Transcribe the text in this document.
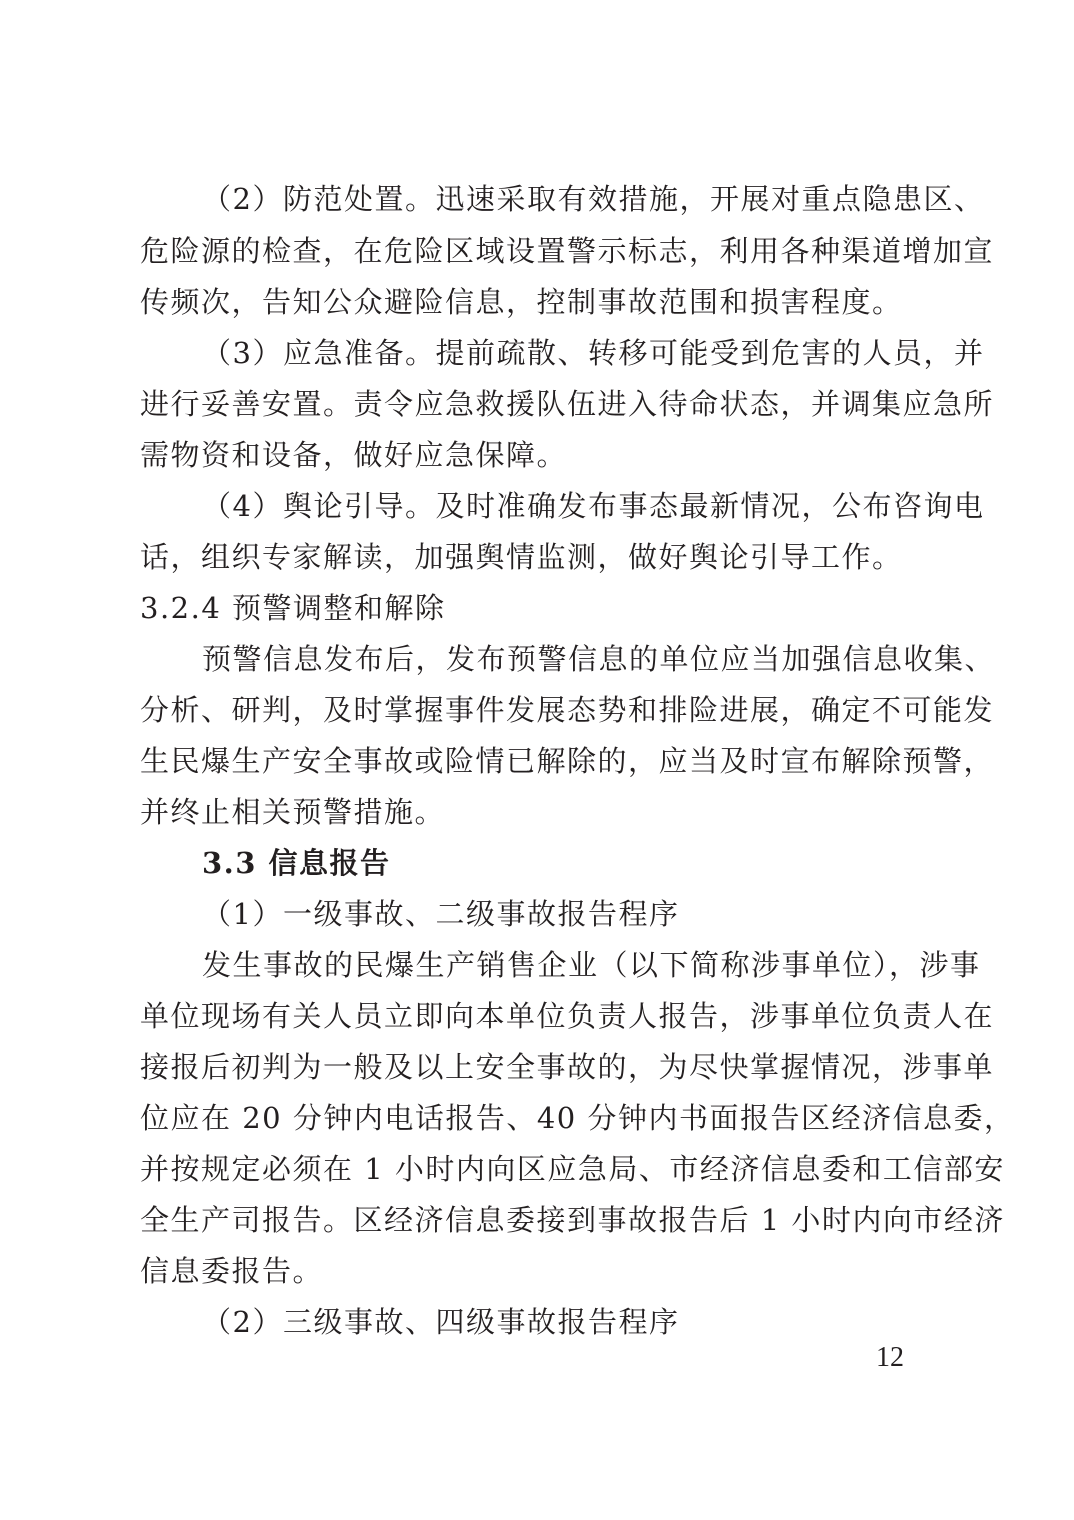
（2）防范处置。迅速采取有效措施，开展对重点隐患区、
危险源的检查，在危险区域设置警示标志，利用各种渠道增加宣
传频次，告知公众避险信息，控制事故范围和损害程度。
（3）应急准备。提前疏散、转移可能受到危害的人员，并
进行妥善安置。责令应急救援队伍进入待命状态，并调集应急所
需物资和设备，做好应急保障。
（4）舆论引导。及时准确发布事态最新情况，公布咨询电
话，组织专家解读，加强舆情监测，做好舆论引导工作。
3.2.4 预警调整和解除
预警信息发布后，发布预警信息的单位应当加强信息收集、
分析、研判，及时掌握事件发展态势和排险进展，确定不可能发
生民爆生产安全事故或险情已解除的，应当及时宣布解除预警，
并终止相关预警措施。
3.3 信息报告
（1）一级事故、二级事故报告程序
发生事故的民爆生产销售企业（以下简称涉事单位），涉事
单位现场有关人员立即向本单位负责人报告，涉事单位负责人在
接报后初判为一般及以上安全事故的，为尽快掌握情况，涉事单
位应在 20 分钟内电话报告、40 分钟内书面报告区经济信息委，
并按规定必须在 1 小时内向区应急局、市经济信息委和工信部安
全生产司报告。区经济信息委接到事故报告后 1 小时内向市经济
信息委报告。
（2）三级事故、四级事故报告程序
12
